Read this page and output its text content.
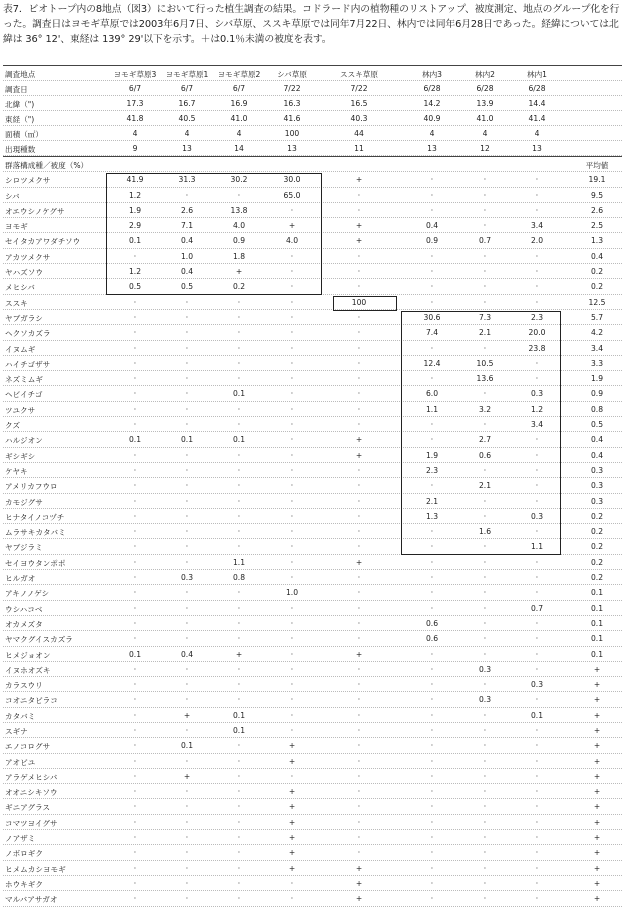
表7．ビオトープ内の8地点（図3）において行った植生調査の結果。コドラード内の植物種のリストアップ、被度測定、地点のグループ化を行った。調査日はヨモギ草原では2003年6月7日、シバ草原、ススキ草原では同年7月22日、林内では同年6月28日であった。経緯については北緯は 36° 12'、東経は 139° 29'以下を示す。＋は0.1％未満の被度を表す。
調査地点	ヨモギ草原3	ヨモギ草原1	ヨモギ草原2	シバ草原	ススキ草原	林内3	林内2	林内1
調査日	6/7	6/7	6/7	7/22	7/22	6/28	6/28	6/28
北緯（")	17.3	16.7	16.9	16.3	16.5	14.2	13.9	14.4
東経（")	41.8	40.5	41.0	41.6	40.3	40.9	41.0	41.4
面積（㎡）	4	4	4	100	44	4	4	4
出現種数	9	13	14	13	11	13	12	13
群落構成種／被度（%）	平均値
シロツメクサ	41.9	31.3	30.2	30.0	+	·	·	·	19.1
シバ	1.2	·	·	65.0	·	·	·	·	9.5
オエウシノケグサ	1.9	2.6	13.8	·	·	·	·	·	2.6
ヨモギ	2.9	7.1	4.0	+	+	0.4	·	3.4	2.5
セイタカアワダチソウ	0.1	0.4	0.9	4.0	+	0.9	0.7	2.0	1.3
アカツメクサ	·	1.0	1.8	·	·	·	·	·	0.4
ヤハズソウ	1.2	0.4	+	·	·	·	·	·	0.2
メヒシバ	0.5	0.5	0.2	·	·	·	·	·	0.2
ススキ	·	·	·	·	100	·	·	·	12.5
ヤブガラシ	·	·	·	·	·	30.6	7.3	2.3	5.7
ヘクソカズラ	·	·	·	·	·	7.4	2.1	20.0	4.2
イヌムギ	·	·	·	·	·	·	·	23.8	3.4
ハイチゴザサ	·	·	·	·	·	12.4	10.5	·	3.3
ネズミムギ	·	·	·	·	·	·	13.6	·	1.9
ヘビイチゴ	·	·	0.1	·	·	6.0	·	0.3	0.9
ツユクサ	·	·	·	·	·	1.1	3.2	1.2	0.8
クズ	·	·	·	·	·	·	·	3.4	0.5
ハルジオン	0.1	0.1	0.1	·	+	·	2.7	·	0.4
ギシギシ	·	·	·	·	+	1.9	0.6	·	0.4
ケヤキ	·	·	·	·	·	2.3	·	·	0.3
アメリカフウロ	·	·	·	·	·	·	2.1	·	0.3
カモジグサ	·	·	·	·	·	2.1	·	·	0.3
ヒナタイノコヅチ	·	·	·	·	·	1.3	·	0.3	0.2
ムラサキカタバミ	·	·	·	·	·	·	1.6	·	0.2
ヤブジラミ	·	·	·	·	·	·	·	1.1	0.2
セイヨウタンポポ	·	·	1.1	·	+	·	·	·	0.2
ヒルガオ	·	0.3	0.8	·	·	·	·	·	0.2
アキノノゲシ	·	·	·	1.0	·	·	·	·	0.1
ウシハコベ	·	·	·	·	·	·	·	0.7	0.1
オカメズタ	·	·	·	·	·	0.6	·	·	0.1
ヤマクグイスカズラ	·	·	·	·	·	0.6	·	·	0.1
ヒメジョオン	0.1	0.4	+	·	+	·	·	·	0.1
イヌホオズキ	·	·	·	·	·	·	0.3	·	+
カラスウリ	·	·	·	·	·	·	·	0.3	+
コオニタビラコ	·	·	·	·	·	·	0.3	·	+
カタバミ	·	+	0.1	·	·	·	·	0.1	+
スギナ	·	·	0.1	·	·	·	·	·	+
エノコログサ	·	0.1	·	+	·	·	·	·	+
アオビユ	·	·	·	+	·	·	·	·	+
アラゲメヒシバ	·	+	·	·	·	·	·	·	+
オオニシキソウ	·	·	·	+	·	·	·	·	+
ギニアグラス	·	·	·	+	·	·	·	·	+
コマツヨイグサ	·	·	·	+	·	·	·	·	+
ノアザミ	·	·	·	+	·	·	·	·	+
ノボロギク	·	·	·	+	·	·	·	·	+
ヒメムカシヨモギ	·	·	·	+	+	·	·	·	+
ホウキギク	·	·	·	·	+	·	·	·	+
マルバアサガオ	·	·	·	·	+	·	·	·	+
